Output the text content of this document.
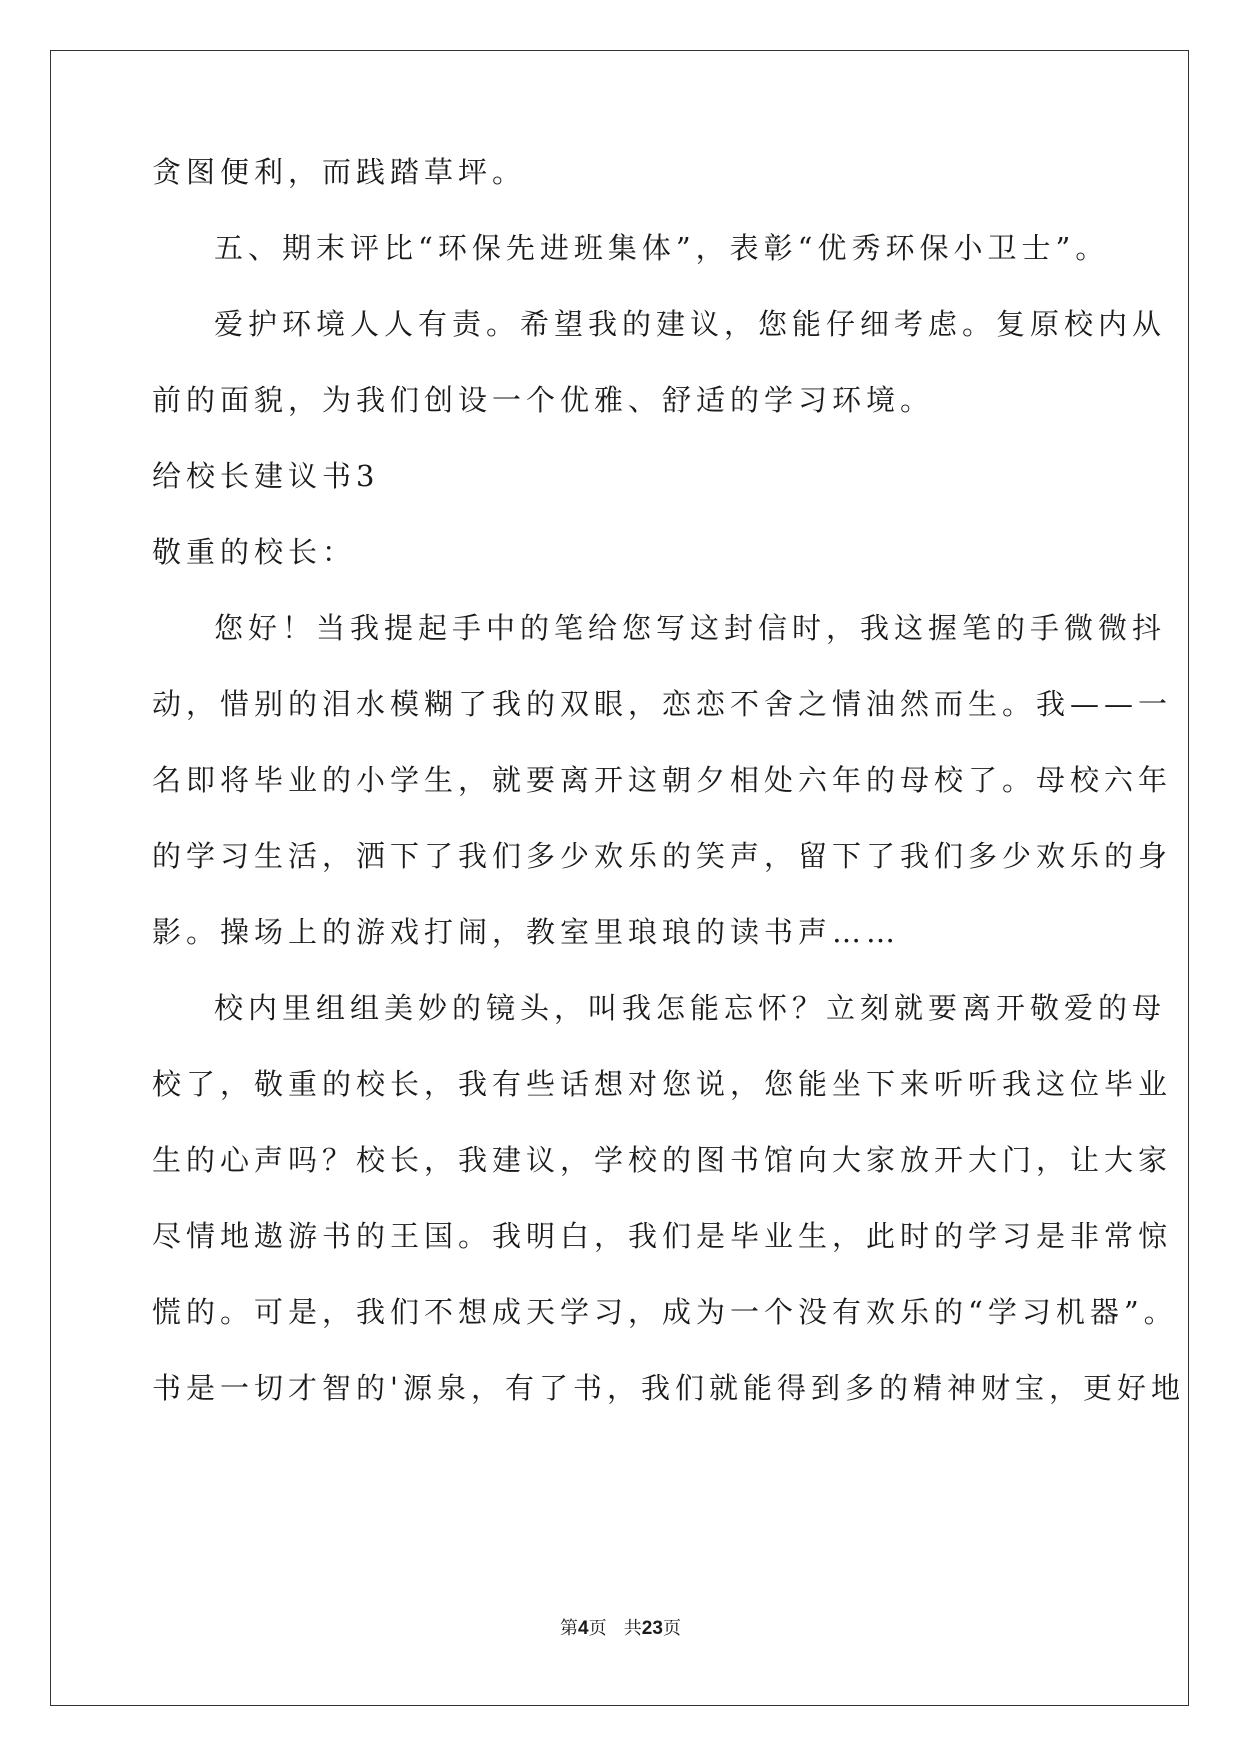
贪图便利，而践踏草坪。
五、期末评比“环保先进班集体”，表彰“优秀环保小卫士”。
爱护环境人人有责。希望我的建议，您能仔细考虑。复原校内从
前的面貌，为我们创设一个优雅、舒适的学习环境。
给校长建议书3
敬重的校长：
您好！当我提起手中的笔给您写这封信时，我这握笔的手微微抖
动，惜别的泪水模糊了我的双眼，恋恋不舍之情油然而生。我——一
名即将毕业的小学生，就要离开这朝夕相处六年的母校了。母校六年
的学习生活，洒下了我们多少欢乐的笑声，留下了我们多少欢乐的身
影。操场上的游戏打闹，教室里琅琅的读书声……
校内里组组美妙的镜头，叫我怎能忘怀？立刻就要离开敬爱的母
校了，敬重的校长，我有些话想对您说，您能坐下来听听我这位毕业
生的心声吗？校长，我建议，学校的图书馆向大家放开大门，让大家
尽情地遨游书的王国。我明白，我们是毕业生，此时的学习是非常惊
慌的。可是，我们不想成天学习，成为一个没有欢乐的“学习机器”。
书是一切才智的'源泉，有了书，我们就能得到多的精神财宝，更好地
第4页 共23页
